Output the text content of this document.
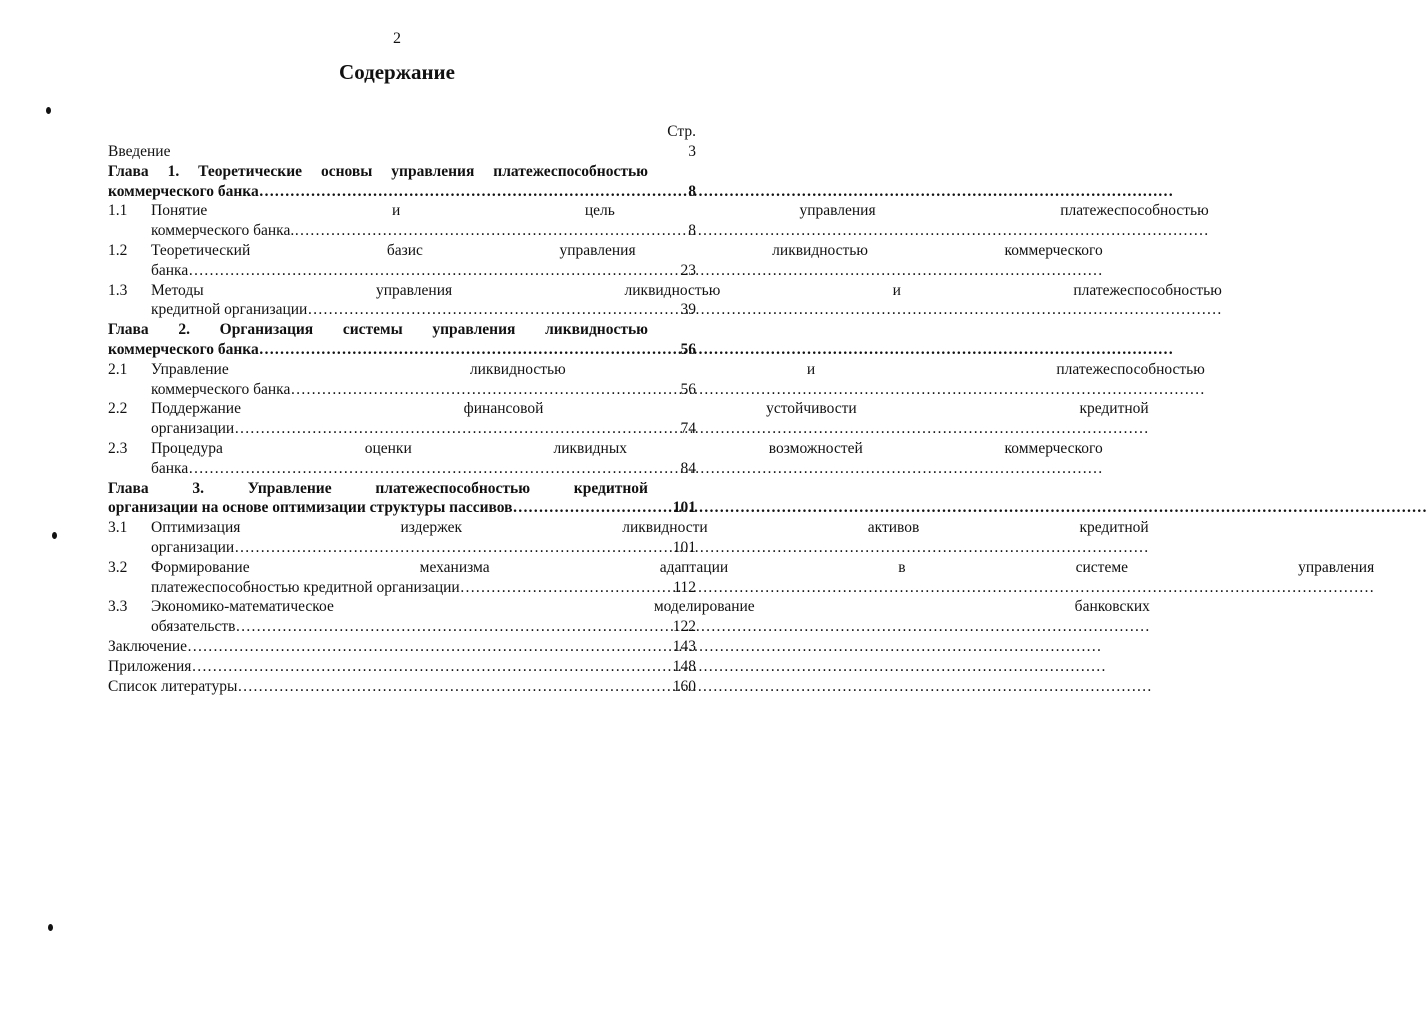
2
Содержание
Стр.
Введение	3
Глава 1. Теоретические основы управления платежеспособностью
коммерческого банка ……………………………………………………………………………………………………………………………………………………………	8
1.1	Понятие и цель управления платежеспособностью
коммерческого банка. ……………………………………………………………………………………………………………………………………………………………	8
1.2	Теоретический базис управления ликвидностью коммерческого
банка ……………………………………………………………………………………………………………………………………………………………	23
1.3	Методы управления ликвидностью и платежеспособностью
кредитной организации ……………………………………………………………………………………………………………………………………………………………	39
Глава 2. Организация системы управления ликвидностью
коммерческого банка ……………………………………………………………………………………………………………………………………………………………	56
2.1	Управление ликвидностью и платежеспособностью
коммерческого банка ……………………………………………………………………………………………………………………………………………………………	56
2.2	Поддержание финансовой устойчивости кредитной
организации ……………………………………………………………………………………………………………………………………………………………	74
2.3	Процедура оценки ликвидных возможностей коммерческого
банка ……………………………………………………………………………………………………………………………………………………………	84
Глава 3. Управление платежеспособностью кредитной
организации на основе оптимизации структуры пассивов ……………………………………………………………………………………………………………………………………………………………	101
3.1	Оптимизация издержек ликвидности активов кредитной
организации ……………………………………………………………………………………………………………………………………………………………	101
3.2	Формирование механизма адаптации в системе управления
платежеспособностью кредитной организации ……………………………………………………………………………………………………………………………………………………………	112
3.3	Экономико-математическое моделирование банковских
обязательств ……………………………………………………………………………………………………………………………………………………………	122
Заключение ……………………………………………………………………………………………………………………………………………………………	143
Приложения ……………………………………………………………………………………………………………………………………………………………	148
Список литературы ……………………………………………………………………………………………………………………………………………………………	160
